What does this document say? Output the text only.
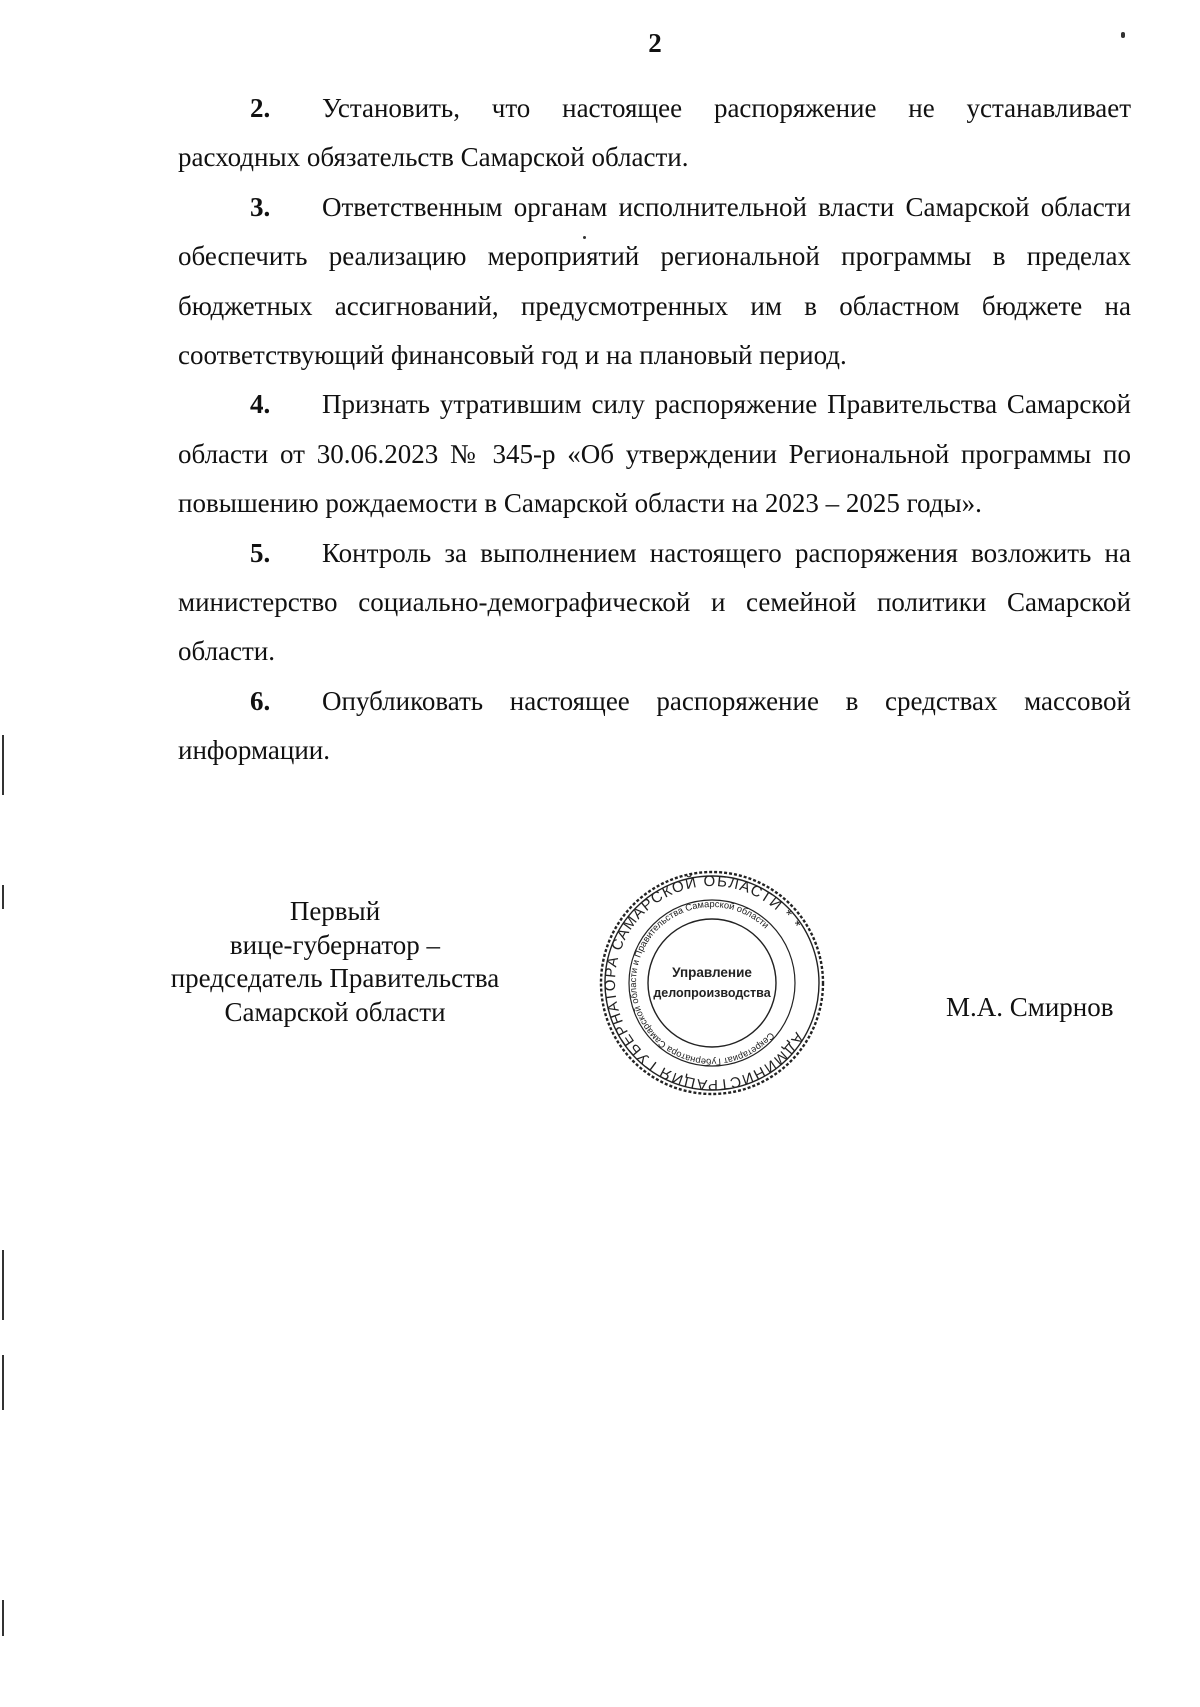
2

2. Установить, что настоящее распоряжение не устанавливает расходных обязательств Самарской области.

3. Ответственным органам исполнительной власти Самарской области обеспечить реализацию мероприятий региональной программы в пределах бюджетных ассигнований, предусмотренных им в областном бюджете на соответствующий финансовый год и на плановый период.

4. Признать утратившим силу распоряжение Правительства Самарской области от 30.06.2023 № 345-р «Об утверждении Региональной программы по повышению рождаемости в Самарской области на 2023 – 2025 годы».

5. Контроль за выполнением настоящего распоряжения возложить на министерство социально-демографической и семейной политики Самарской области.

6. Опубликовать настоящее распоряжение в средствах массовой информации.

Первый
вице-губернатор –
председатель Правительства
Самарской области
АДМИНИСТРАЦИЯ ГУБЕРНАТОРА САМАРСКОЙ ОБЛАСТИ * *
Секретариат Губернатора Самарской области и Правительства Самарской области
Управление
делопроизводства	М.А. Смирнов
